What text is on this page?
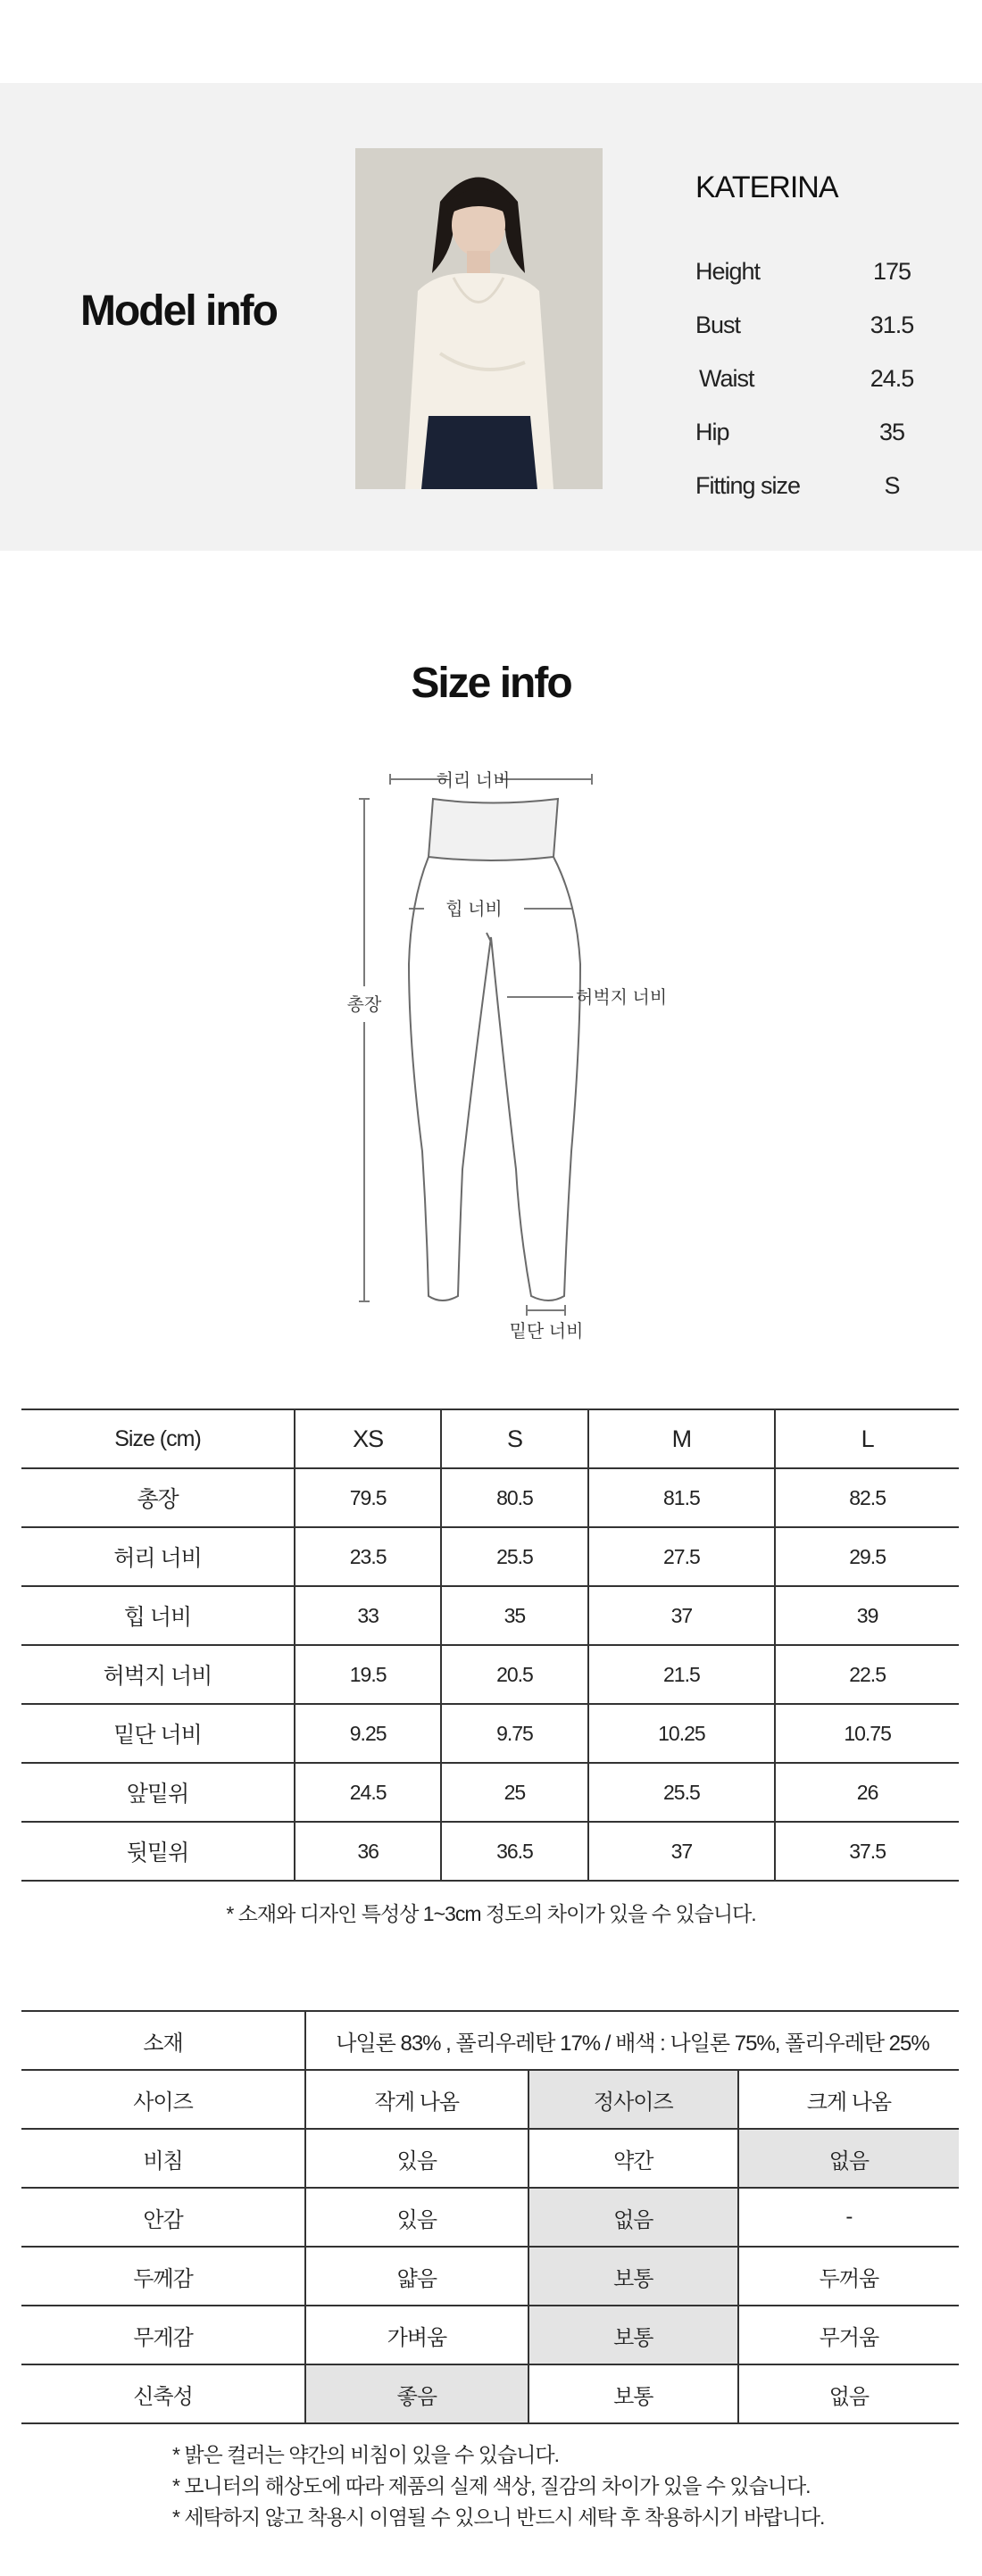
Model info
KATERINA
Height	175
Bust	31.5
Waist	24.5
Hip	35
Fitting size	S
Size info
허리 너비
힙 너비
허벅지 너비
총장
밑단 너비
Size (cm)	XS	S	M	L
총장	79.5	80.5	81.5	82.5
허리 너비	23.5	25.5	27.5	29.5
힙 너비	33	35	37	39
허벅지 너비	19.5	20.5	21.5	22.5
밑단 너비	9.25	9.75	10.25	10.75
앞밑위	24.5	25	25.5	26
뒷밑위	36	36.5	37	37.5

* 소재와 디자인 특성상 1~3cm 정도의 차이가 있을 수 있습니다.

소재	나일론 83% , 폴리우레탄 17% / 배색 : 나일론 75%, 폴리우레탄 25%		
사이즈	작게 나옴	정사이즈	크게 나옴
비침	있음	약간	없음
안감	있음	없음	-
두께감	얇음	보통	두꺼움
무게감	가벼움	보통	무거움
신축성	좋음	보통	없음

* 밝은 컬러는 약간의 비침이 있을 수 있습니다.

* 모니터의 해상도에 따라 제품의 실제 색상, 질감의 차이가 있을 수 있습니다.

* 세탁하지 않고 착용시 이염될 수 있으니 반드시 세탁 후 착용하시기 바랍니다.
